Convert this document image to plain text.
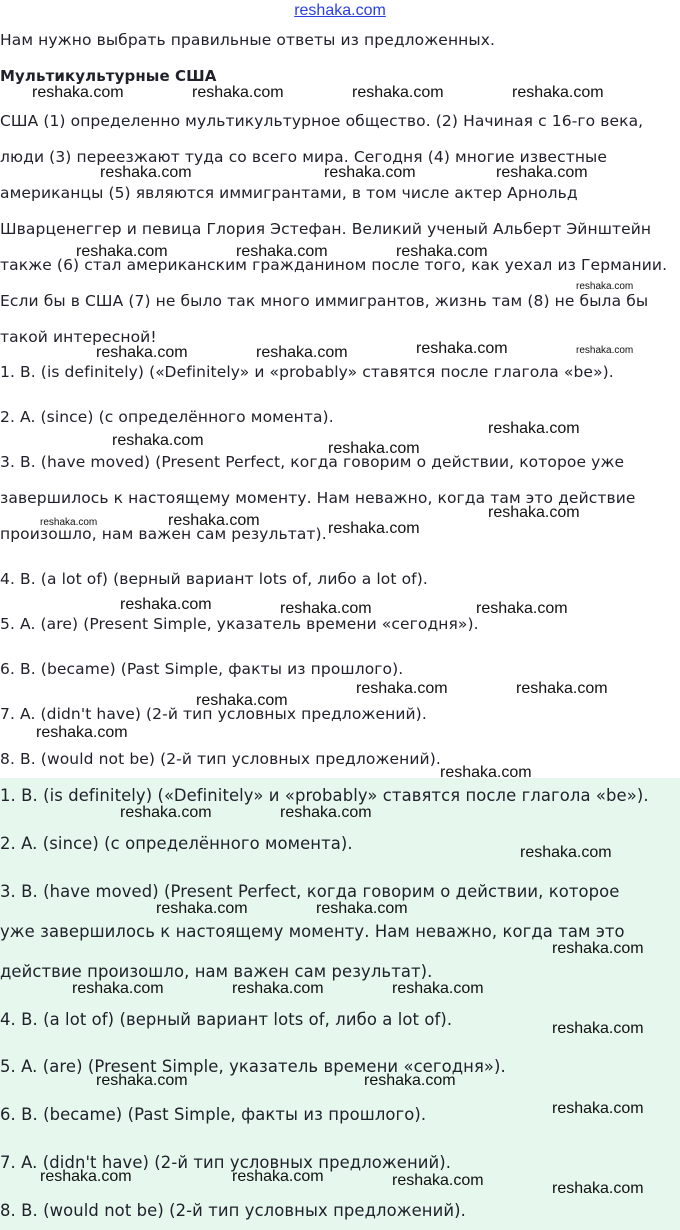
reshaka.com

Нам нужно выбрать правильные ответы из предложенных.

Мультикультурные США

США (1) определенно мультикультурное общество. (2) Начиная с 16-го века,

люди (3) переезжают туда со всего мира. Сегодня (4) многие известные

американцы (5) являются иммигрантами, в том числе актер Арнольд

Шварценеггер и певица Глория Эстефан. Великий ученый Альберт Эйнштейн

также (6) стал американским гражданином после того, как уехал из Германии.

Если бы в США (7) не было так много иммигрантов, жизнь там (8) не была бы

такой интересной!

1. B. (is definitely) («Definitely» и «probably» ставятся после глагола «be»).

2. A. (since) (с определённого момента).

3. B. (have moved) (Present Perfect, когда говорим о действии, которое уже

завершилось к настоящему моменту. Нам неважно, когда там это действие

произошло, нам важен сам результат).

4. B. (a lot of) (верный вариант lots of, либо a lot of).

5. A. (are) (Present Simple, указатель времени «сегодня»).

6. B. (became) (Past Simple, факты из прошлого).

7. A. (didn't have) (2-й тип условных предложений).

8. B. (would not be) (2-й тип условных предложений).

1. B. (is definitely) («Definitely» и «probably» ставятся после глагола «be»).

2. A. (since) (с определённого момента).

3. B. (have moved) (Present Perfect, когда говорим о действии, которое

уже завершилось к настоящему моменту. Нам неважно, когда там это

действие произошло, нам важен сам результат).

4. B. (a lot of) (верный вариант lots of, либо a lot of).

5. A. (are) (Present Simple, указатель времени «сегодня»).

6. B. (became) (Past Simple, факты из прошлого).

7. A. (didn't have) (2-й тип условных предложений).

8. B. (would not be) (2-й тип условных предложений).

reshaka.com	reshaka.com	reshaka.com	reshaka.com
reshaka.com	reshaka.com	reshaka.com
reshaka.com	reshaka.com	reshaka.com
reshaka.com
reshaka.com	reshaka.com	reshaka.com	reshaka.com
reshaka.com	reshaka.com
reshaka.com
reshaka.com	reshaka.com	reshaka.com
reshaka.com
reshaka.com	reshaka.com	reshaka.com
reshaka.com	reshaka.com
reshaka.com
reshaka.com
reshaka.com
reshaka.com	reshaka.com
reshaka.com
reshaka.com	reshaka.com
reshaka.com
reshaka.com	reshaka.com	reshaka.com
reshaka.com
reshaka.com	reshaka.com
reshaka.com
reshaka.com	reshaka.com	reshaka.com	reshaka.com
